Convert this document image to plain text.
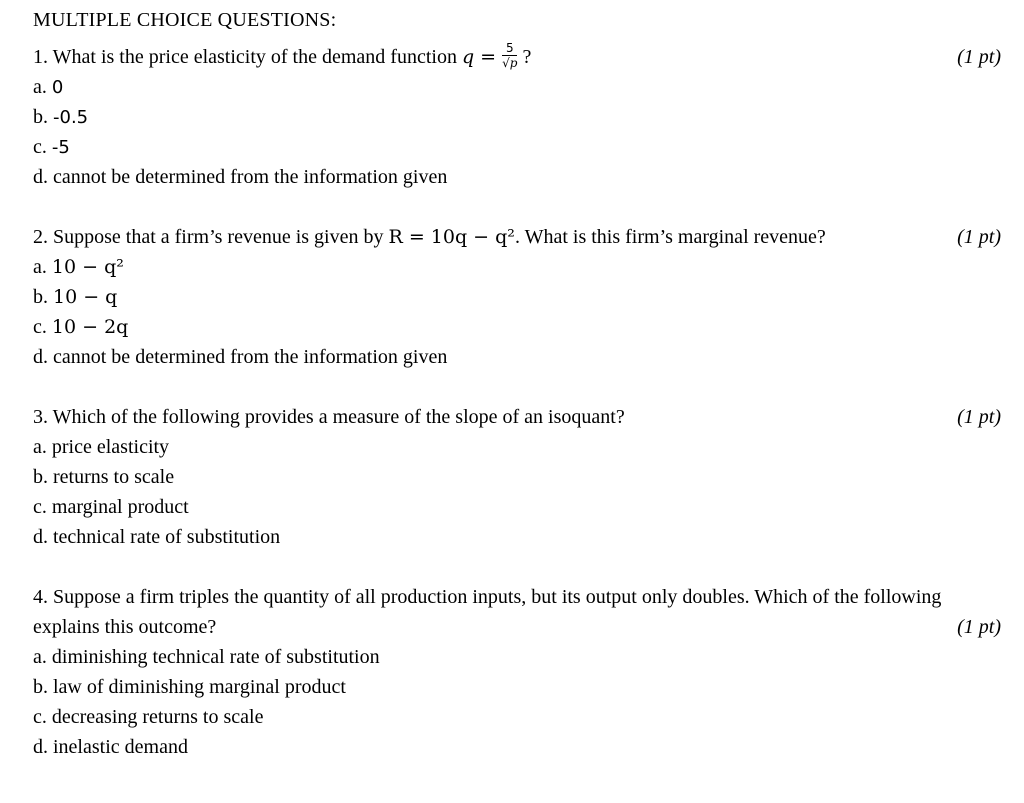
MULTIPLE CHOICE QUESTIONS:
1. What is the price elasticity of the demand function $q = \frac{5}{√p}$ ?	(1 pt)
a. 0
b. -0.5
c. -5
d. cannot be determined from the information given
2. Suppose that a firm’s revenue is given by R = 10q − q². What is this firm’s marginal revenue?	(1 pt)
a. 10 − q²
b. 10 − q
c. 10 − 2q
d. cannot be determined from the information given
3. Which of the following provides a measure of the slope of an isoquant?	(1 pt)
a. price elasticity
b. returns to scale
c. marginal product
d. technical rate of substitution
4. Suppose a firm triples the quantity of all production inputs, but its output only doubles. Which of the following explains this outcome?	(1 pt)
a. diminishing technical rate of substitution
b. law of diminishing marginal product
c. decreasing returns to scale
d. inelastic demand
